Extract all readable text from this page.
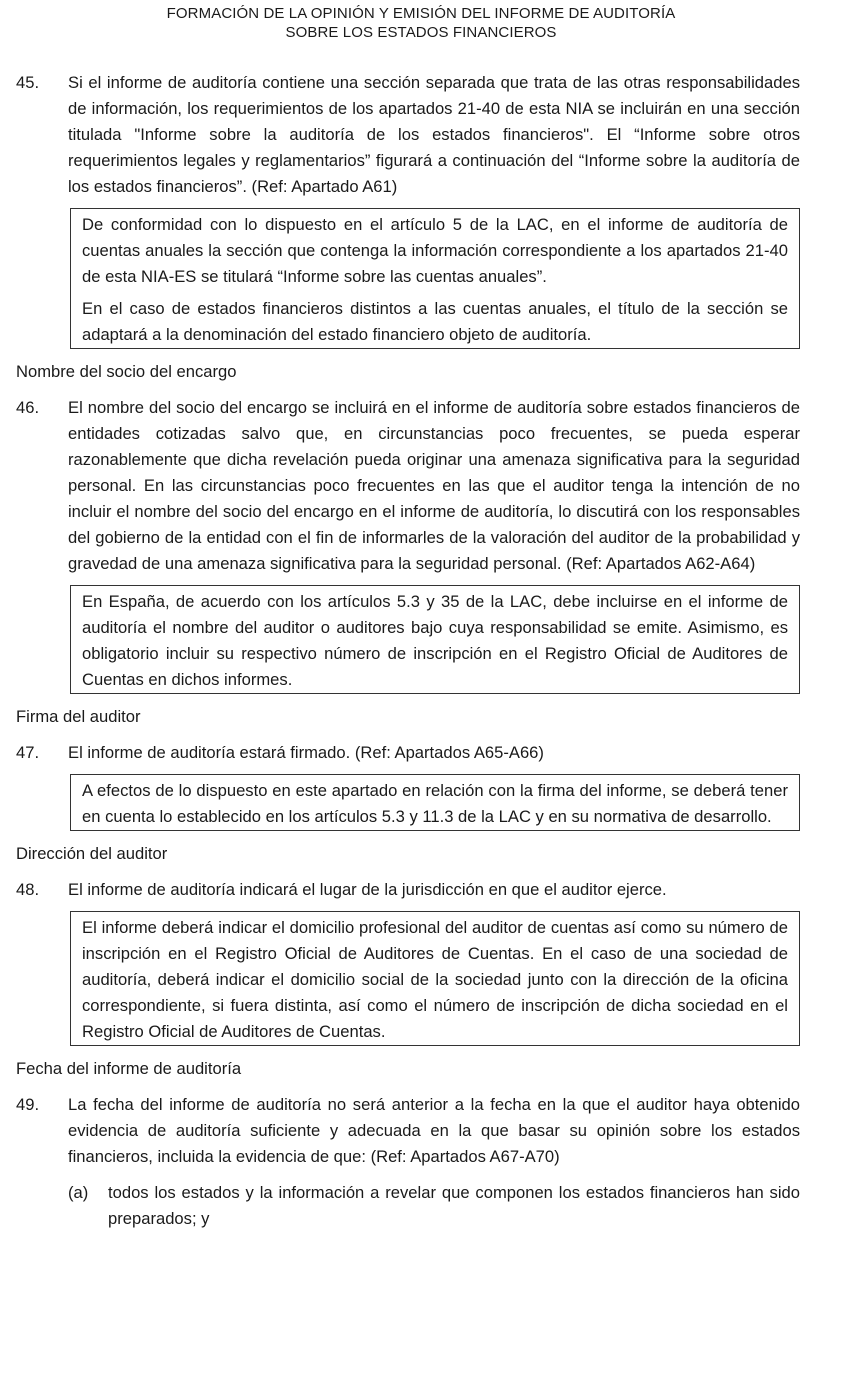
FORMACIÓN DE LA OPINIÓN Y EMISIÓN DEL INFORME DE AUDITORÍA
SOBRE LOS ESTADOS FINANCIEROS
45.	Si el informe de auditoría contiene una sección separada que trata de las otras responsabilidades de información, los requerimientos de los apartados 21-40 de esta NIA se incluirán en una sección titulada "Informe sobre la auditoría de los estados financieros". El “Informe sobre otros requerimientos legales y reglamentarios” figurará a continuación del “Informe sobre la auditoría de los estados financieros”. (Ref: Apartado A61)

De conformidad con lo dispuesto en el artículo 5 de la LAC, en el informe de auditoría de cuentas anuales la sección que contenga la información correspondiente a los apartados 21-40 de esta NIA-ES se titulará “Informe sobre las cuentas anuales”.

En el caso de estados financieros distintos a las cuentas anuales, el título de la sección se adaptará a la denominación del estado financiero objeto de auditoría.

Nombre del socio del encargo
46.	El nombre del socio del encargo se incluirá en el informe de auditoría sobre estados financieros de entidades cotizadas salvo que, en circunstancias poco frecuentes, se pueda esperar razonablemente que dicha revelación pueda originar una amenaza significativa para la seguridad personal. En las circunstancias poco frecuentes en las que el auditor tenga la intención de no incluir el nombre del socio del encargo en el informe de auditoría, lo discutirá con los responsables del gobierno de la entidad con el fin de informarles de la valoración del auditor de la probabilidad y gravedad de una amenaza significativa para la seguridad personal. (Ref: Apartados A62-A64)

En España, de acuerdo con los artículos 5.3 y 35 de la LAC, debe incluirse en el informe de auditoría el nombre del auditor o auditores bajo cuya responsabilidad se emite. Asimismo, es obligatorio incluir su respectivo número de inscripción en el Registro Oficial de Auditores de Cuentas en dichos informes.

Firma del auditor
47.	El informe de auditoría estará firmado. (Ref: Apartados A65-A66)

A efectos de lo dispuesto en este apartado en relación con la firma del informe, se deberá tener en cuenta lo establecido en los artículos 5.3 y 11.3 de la LAC y en su normativa de desarrollo.

Dirección del auditor
48.	El informe de auditoría indicará el lugar de la jurisdicción en que el auditor ejerce.

El informe deberá indicar el domicilio profesional del auditor de cuentas así como su número de inscripción en el Registro Oficial de Auditores de Cuentas. En el caso de una sociedad de auditoría, deberá indicar el domicilio social de la sociedad junto con la dirección de la oficina correspondiente, si fuera distinta, así como el número de inscripción de dicha sociedad en el Registro Oficial de Auditores de Cuentas.

Fecha del informe de auditoría
49.	La fecha del informe de auditoría no será anterior a la fecha en la que el auditor haya obtenido evidencia de auditoría suficiente y adecuada en la que basar su opinión sobre los estados financieros, incluida la evidencia de que: (Ref: Apartados A67-A70)
(a)	todos los estados y la información a revelar que componen los estados financieros han sido preparados; y
